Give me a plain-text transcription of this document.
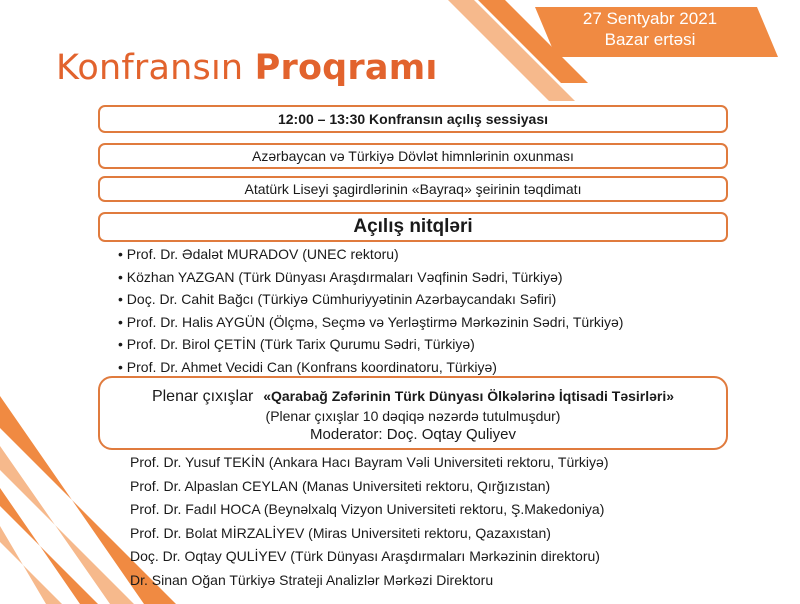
27 Sentyabr 2021
Bazar ertəsi
Konfransın Proqramı
12:00 – 13:30 Konfransın açılış sessiyası
Azərbaycan və Türkiyə Dövlət himnlərinin oxunması
Atatürk Liseyi şagirdlərinin «Bayraq» şeirinin təqdimatı
Açılış nitqləri
• Prof. Dr. Ədalət MURADOV (UNEC rektoru)
• Közhan YAZGAN (Türk Dünyası Araşdırmaları Vəqfinin Sədri, Türkiyə)
• Doç. Dr. Cahit Bağcı (Türkiyə Cümhuriyyətinin Azərbaycandakı Səfiri)
• Prof. Dr. Halis AYGÜN (Ölçmə, Seçmə və Yerləştirmə Mərkəzinin Sədri, Türkiyə)
• Prof. Dr. Birol ÇETİN (Türk Tarix Qurumu Sədri, Türkiyə)
• Prof. Dr. Ahmet Vecidi Can (Konfrans koordinatoru, Türkiyə)
Plenar çıxışlar «Qarabağ Zəfərinin Türk Dünyası Ölkələrinə İqtisadi Təsirləri»
(Plenar çıxışlar 10 dəqiqə nəzərdə tutulmuşdur)
Moderator: Doç. Oqtay Quliyev
Prof. Dr. Yusuf TEKİN (Ankara Hacı Bayram Vəli Universiteti rektoru, Türkiyə)
Prof. Dr. Alpaslan CEYLAN (Manas Universiteti rektoru, Qırğızıstan)
Prof. Dr. Fadıl HOCA (Beynəlxalq Vizyon Universiteti rektoru, Ş.Makedoniya)
Prof. Dr. Bolat MİRZALİYEV (Miras Universiteti rektoru, Qazaxıstan)
Doç. Dr. Oqtay QULİYEV (Türk Dünyası Araşdırmaları Mərkəzinin direktoru)
Dr. Sinan Oğan Türkiyə Strateji Analizlər Mərkəzi Direktoru
